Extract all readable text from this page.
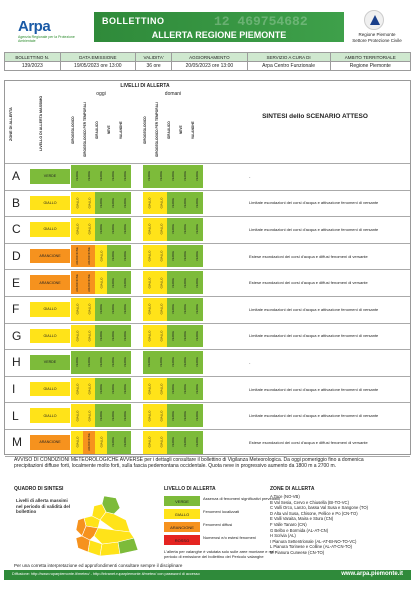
Arpa
Agenzia Regionale per la Protezione Ambientale
12 469754682
BOLLETTINO
ALLERTA REGIONE PIEMONTE	Regione Piemonte
Settore Protezione Civile
BOLLETTINO N.	DATA EMISSIONE	VALIDITA'	AGGIORNAMENTO	SERVIZIO A CURA DI	AMBITO TERRITORIALE
139/2023	19/05/2023 ore 13:00	36 ore	20/05/2023 ore 13:00	Arpa Centro Funzionale	Regione Piemonte
ZONE DI ALLERTA	LIVELLO DI ALLERTA MASSIMO
LIVELLI DI ALLERTA
oggi	domani
SINTESI dello SCENARIO ATTESO
IDROGEOLOGICO	IDROGEOLOGICO PER TEMPORALI	IDRAULICO	NEVE	VALANGHE	IDROGEOLOGICO	IDROGEOLOGICO PER TEMPORALI	IDRAULICO	NEVE	VALANGHE
A	VERDE	VERDE	VERDE	VERDE	VERDE	VERDE	VERDE	VERDE	VERDE	VERDE	VERDE	-
B	GIALLO	GIALLO	GIALLO	VERDE	VERDE	VERDE	GIALLO	GIALLO	VERDE	VERDE	VERDE	Limitate esondazioni dei corsi d'acqua e attivazione fenomeni di versante
C	GIALLO	GIALLO	GIALLO	VERDE	VERDE	VERDE	GIALLO	GIALLO	VERDE	VERDE	VERDE	Limitate esondazioni dei corsi d'acqua e attivazione fenomeni di versante
D	ARANCIONE	ARANCIONE	ARANCIONE	GIALLO	VERDE	VERDE	GIALLO	GIALLO	VERDE	VERDE	VERDE	Estese esondazioni dei corsi d'acqua e diffusi fenomeni di versante
E	ARANCIONE	ARANCIONE	ARANCIONE	GIALLO	VERDE	VERDE	GIALLO	GIALLO	VERDE	VERDE	VERDE	Estese esondazioni dei corsi d'acqua e diffusi fenomeni di versante
F	GIALLO	GIALLO	GIALLO	VERDE	VERDE	VERDE	GIALLO	GIALLO	VERDE	VERDE	VERDE	Limitate esondazioni dei corsi d'acqua e attivazione fenomeni di versante
G	GIALLO	GIALLO	GIALLO	VERDE	VERDE	VERDE	GIALLO	GIALLO	VERDE	VERDE	VERDE	Limitate esondazioni dei corsi d'acqua e attivazione fenomeni di versante
H	VERDE	VERDE	VERDE	VERDE	VERDE	VERDE	VERDE	VERDE	VERDE	VERDE	VERDE	-
I	GIALLO	GIALLO	GIALLO	VERDE	VERDE	VERDE	GIALLO	GIALLO	VERDE	VERDE	VERDE	Limitate esondazioni dei corsi d'acqua e attivazione fenomeni di versante
L	GIALLO	GIALLO	GIALLO	VERDE	VERDE	VERDE	GIALLO	GIALLO	VERDE	VERDE	VERDE	Limitate esondazioni dei corsi d'acqua e attivazione fenomeni di versante
M	ARANCIONE	GIALLO	ARANCIONE	GIALLO	VERDE	VERDE	GIALLO	GIALLO	VERDE	VERDE	VERDE	Estese esondazioni dei corsi d'acqua e diffusi fenomeni di versante
AVVISO DI CONDIZIONI METEOROLOGICHE AVVERSE per i dettagli consultare il bollettino di Vigilanza Meteorologica. Da oggi pomeriggio fino a domenica precipitazioni diffuse forti, localmente molto forti, sulla fascia pedemontana occidentale. Quota neve in progressivo aumento da 1800 m a 2700 m.
QUADRO DI SINTESI
Livelli di allerta massimi nel periodo di validità del bollettino
LIVELLO DI ALLERTA
VERDE	Assenza di fenomeni significativi prevedibili
GIALLO	Fenomeni localizzati
ARANCIONE	Fenomeni diffusi
ROSSO	Numerosi e/o estesi fenomeni
L'allerta per valanghe è valutata solo sulle aree montane e nel periodo di emissione del bollettino dei Pericolo valanghe
ZONE DI ALLERTA
A Toce (NO-VB)
B Val Sesia, Cervo e Chiusella (BI-TO-VC)
C Valli Orco, Lanzo, bassa Val Susa e Sangone (TO)
D Alta val Susa, Chisone, Pellice e Po (CN-TO)
E Valli Varaita, Maira e Stura (CN)
F Valle Tanaro (CN)
G Belbo e Bormida (AL-AT-CN)
H Scrivia (AL)
I Pianura Settentrionale (AL-AT-BI-NO-TO-VC)
L Pianura Torinese e Colline (AL-AT-CN-TO)
M Pianura Cuneese (CN-TO)
Per una corretta interpretazione ed approfondimenti consultare sempre il disciplinare
Diffusione: http://www.ruparpiemonte.it/meteo/ - http://intranet.ruparpiemonte.it/meteo/ con password di accesso	www.arpa.piemonte.it
